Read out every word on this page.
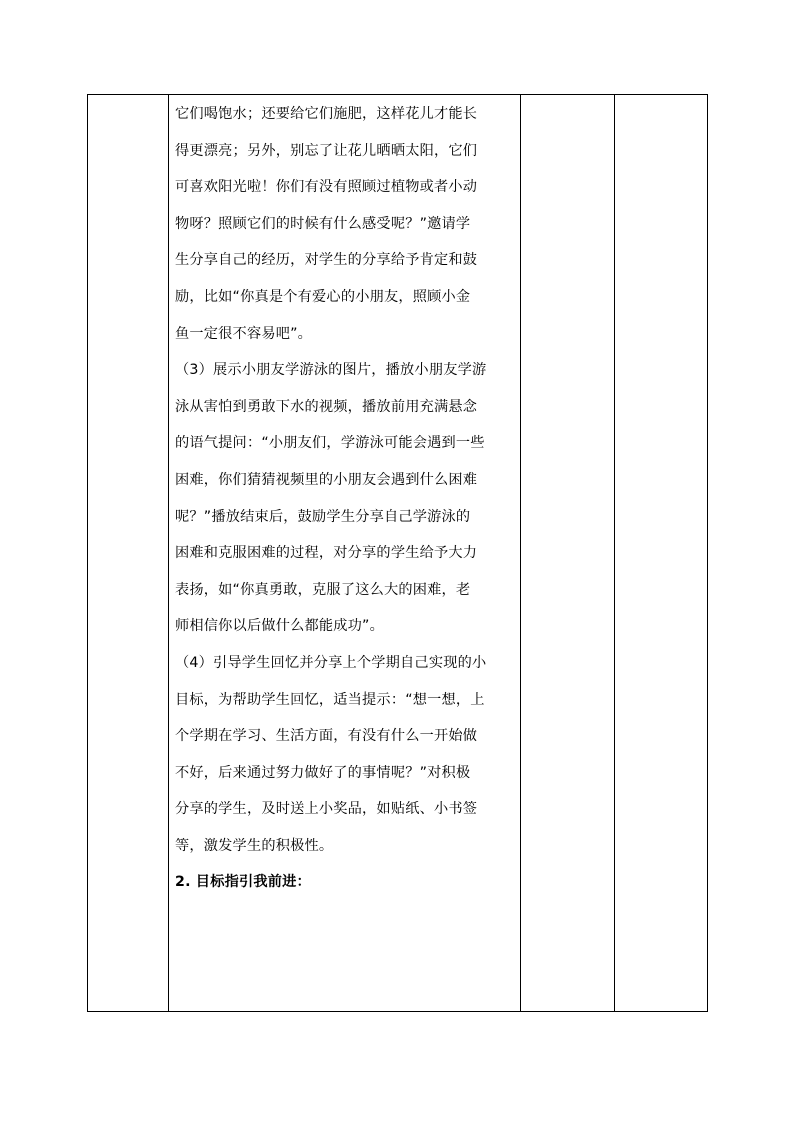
它们喝饱水；还要给它们施肥，这样花儿才能长

得更漂亮；另外，别忘了让花儿晒晒太阳，它们

可喜欢阳光啦！你们有没有照顾过植物或者小动

物呀？照顾它们的时候有什么感受呢？”邀请学

生分享自己的经历，对学生的分享给予肯定和鼓

励，比如“你真是个有爱心的小朋友，照顾小金

鱼一定很不容易吧”。

（3）展示小朋友学游泳的图片，播放小朋友学游

泳从害怕到勇敢下水的视频，播放前用充满悬念

的语气提问：“小朋友们，学游泳可能会遇到一些

困难，你们猜猜视频里的小朋友会遇到什么困难

呢？”播放结束后，鼓励学生分享自己学游泳的

困难和克服困难的过程，对分享的学生给予大力

表扬，如“你真勇敢，克服了这么大的困难，老

师相信你以后做什么都能成功”。

（4）引导学生回忆并分享上个学期自己实现的小

目标，为帮助学生回忆，适当提示：“想一想，上

个学期在学习、生活方面，有没有什么一开始做

不好，后来通过努力做好了的事情呢？”对积极

分享的学生，及时送上小奖品，如贴纸、小书签

等，激发学生的积极性。

2. 目标指引我前进：
